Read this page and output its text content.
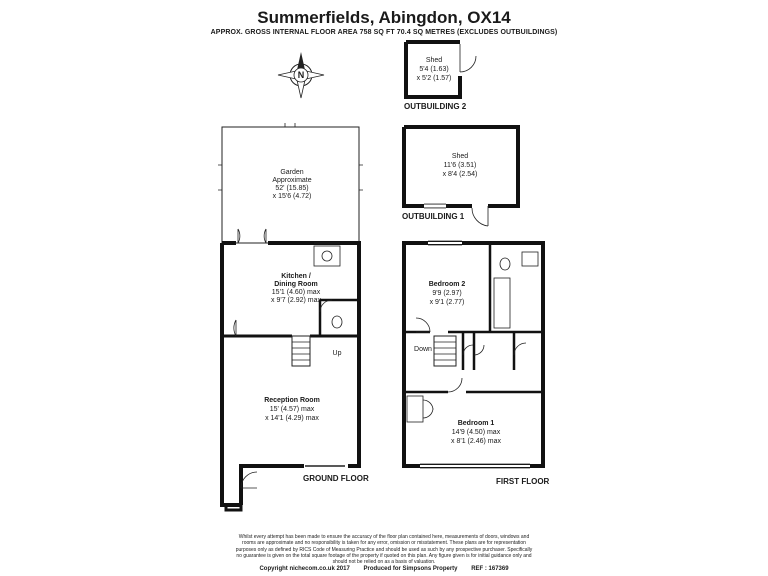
Summerfields, Abingdon, OX14
APPROX. GROSS INTERNAL FLOOR AREA 758 SQ FT 70.4 SQ METRES (EXCLUDES OUTBUILDINGS)
N
Shed
5'4 (1.63)
x 5'2 (1.57)
OUTBUILDING 2
Shed
11'6 (3.51)
x 8'4 (2.54)
OUTBUILDING 1
Garden
Approximate
52' (15.85)
x 15'6 (4.72)
Up
Kitchen /
Dining Room
15'1 (4.60) max
x 9'7 (2.92) max
Reception Room
15' (4.57) max
x 14'1 (4.29) max
GROUND FLOOR
Down
Bedroom 2
9'9 (2.97)
x 9'1 (2.77)
Bedroom 1
14'9 (4.50) max
x 8'1 (2.46) max
FIRST FLOOR
Whilst every attempt has been made to ensure the accuracy of the floor plan contained here, measurements of doors, windows and rooms are approximate and no responsibility is taken for any error, omission or misstatement. These plans are for representation purposes only as defined by RICS Code of Measuring Practice and should be used as such by any prospective purchaser. Specifically no guarantee is given on the total square footage of the property if quoted on this plan. Any figure given is for initial guidance only and should not be relied on as a basis of valuation.
Copyright nichecom.co.uk 2017 Produced for Simpsons Property REF : 167369
